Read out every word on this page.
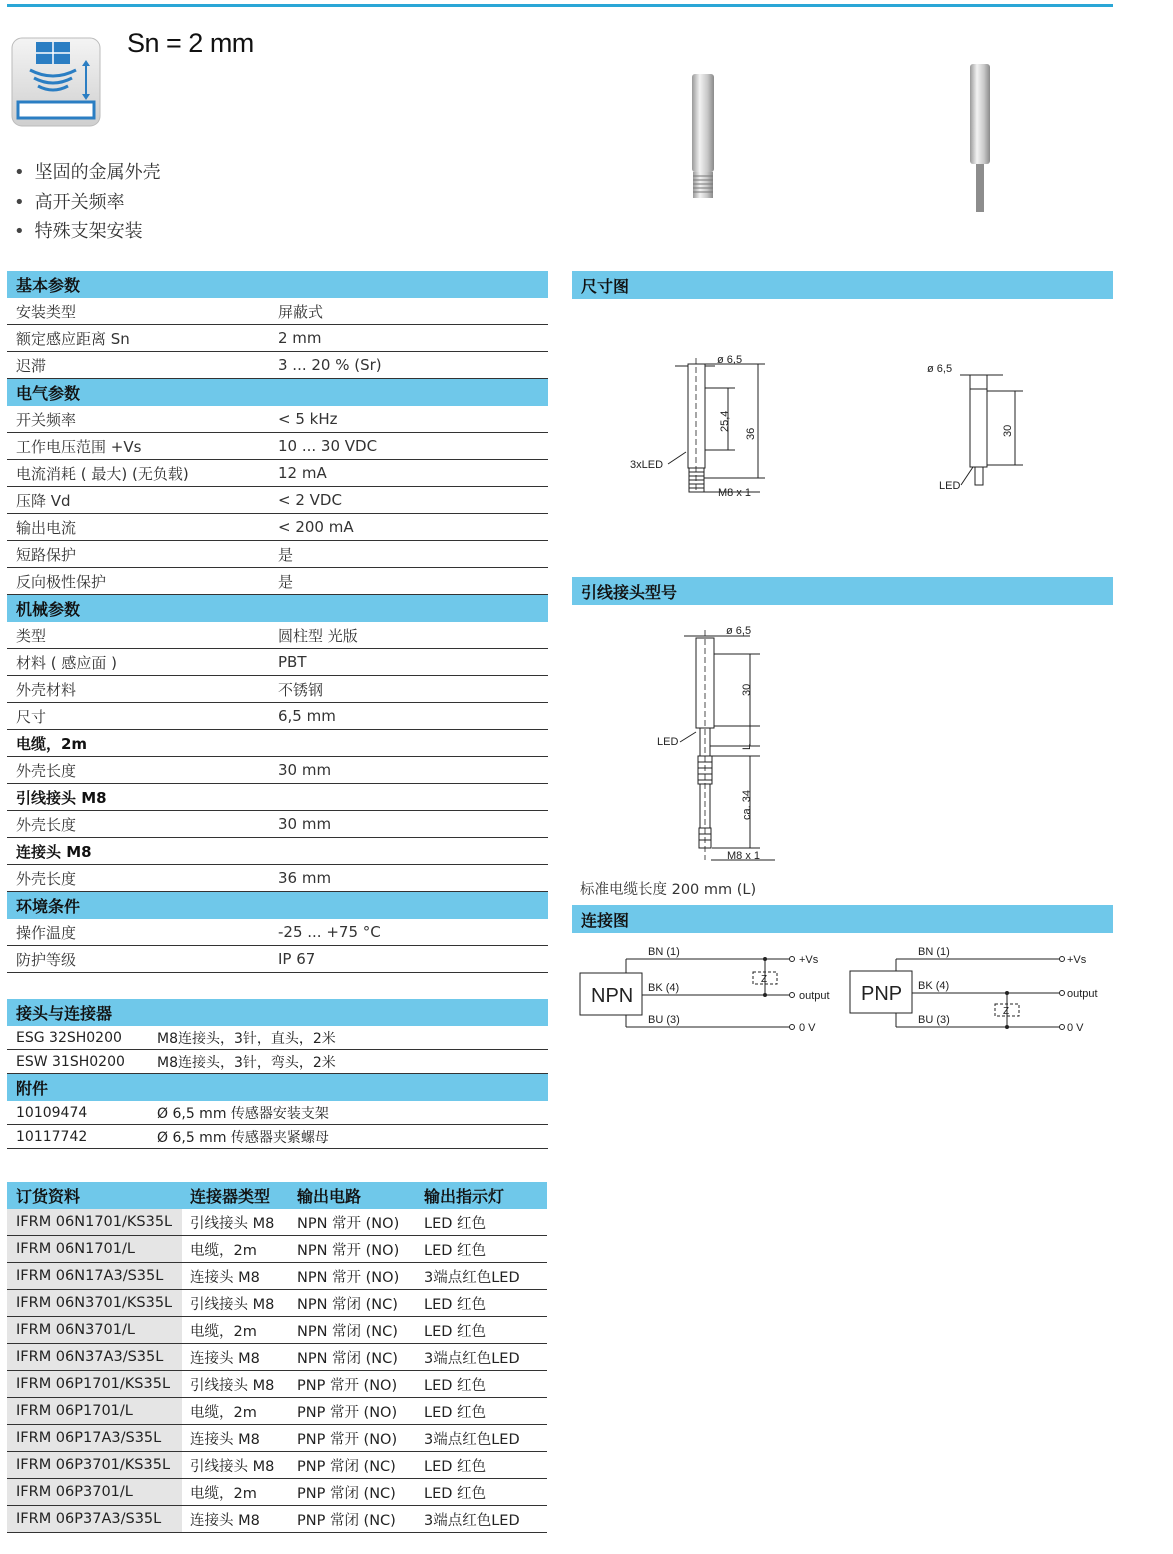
Sn = 2 mm
• 坚固的金属外壳
• 高开关频率
• 特殊支架安装
基本参数
安装类型	屏蔽式
额定感应距离 Sn	2 mm
迟滞	3 ... 20 % (Sr)
电气参数
开关频率	< 5 kHz
工作电压范围 +Vs	10 ... 30 VDC
电流消耗 ( 最大) (无负载)	12 mA
压降 Vd	< 2 VDC
输出电流	< 200 mA
短路保护	是
反向极性保护	是
机械参数
类型	圆柱型 光版
材料 ( 感应面 )	PBT
外壳材料	不锈钢
尺寸	6,5 mm
电缆，2m
外壳长度	30 mm
引线接头 M8
外壳长度	30 mm
连接头 M8
外壳长度	36 mm
环境条件
操作温度	-25 ... +75 °C
防护等级	IP 67
接头与连接器
ESG 32SH0200	M8连接头，3针，直头，2米
ESW 31SH0200	M8连接头，3针，弯头，2米
附件
10109474	Ø 6,5 mm 传感器安装支架
10117742	Ø 6,5 mm 传感器夹紧螺母
订货资料	连接器类型	输出电路	输出指示灯
IFRM 06N1701/KS35L	引线接头 M8	NPN 常开 (NO)	LED 红色
IFRM 06N1701/L	电缆，2m	NPN 常开 (NO)	LED 红色
IFRM 06N17A3/S35L	连接头 M8	NPN 常开 (NO)	3端点红色LED
IFRM 06N3701/KS35L	引线接头 M8	NPN 常闭 (NC)	LED 红色
IFRM 06N3701/L	电缆，2m	NPN 常闭 (NC)	LED 红色
IFRM 06N37A3/S35L	连接头 M8	NPN 常闭 (NC)	3端点红色LED
IFRM 06P1701/KS35L	引线接头 M8	PNP 常开 (NO)	LED 红色
IFRM 06P1701/L	电缆，2m	PNP 常开 (NO)	LED 红色
IFRM 06P17A3/S35L	连接头 M8	PNP 常开 (NO)	3端点红色LED
IFRM 06P3701/KS35L	引线接头 M8	PNP 常闭 (NC)	LED 红色
IFRM 06P3701/L	电缆，2m	PNP 常闭 (NC)	LED 红色
IFRM 06P37A3/S35L	连接头 M8	PNP 常闭 (NC)	3端点红色LED
尺寸图
引线接头型号
连接图
ø 6,5
25,4
36
3xLED
M8 x 1
ø 6,5
30
LED
ø 6,5
30
LED	L
ca. 34
M8 x 1
标准电缆长度 200 mm (L)
NPN
BN (1)
BK (4)
BU (3)
+Vs
output
0 V
Z
PNP
BN (1)
BK (4)
BU (3)
+Vs
output
0 V
Z
